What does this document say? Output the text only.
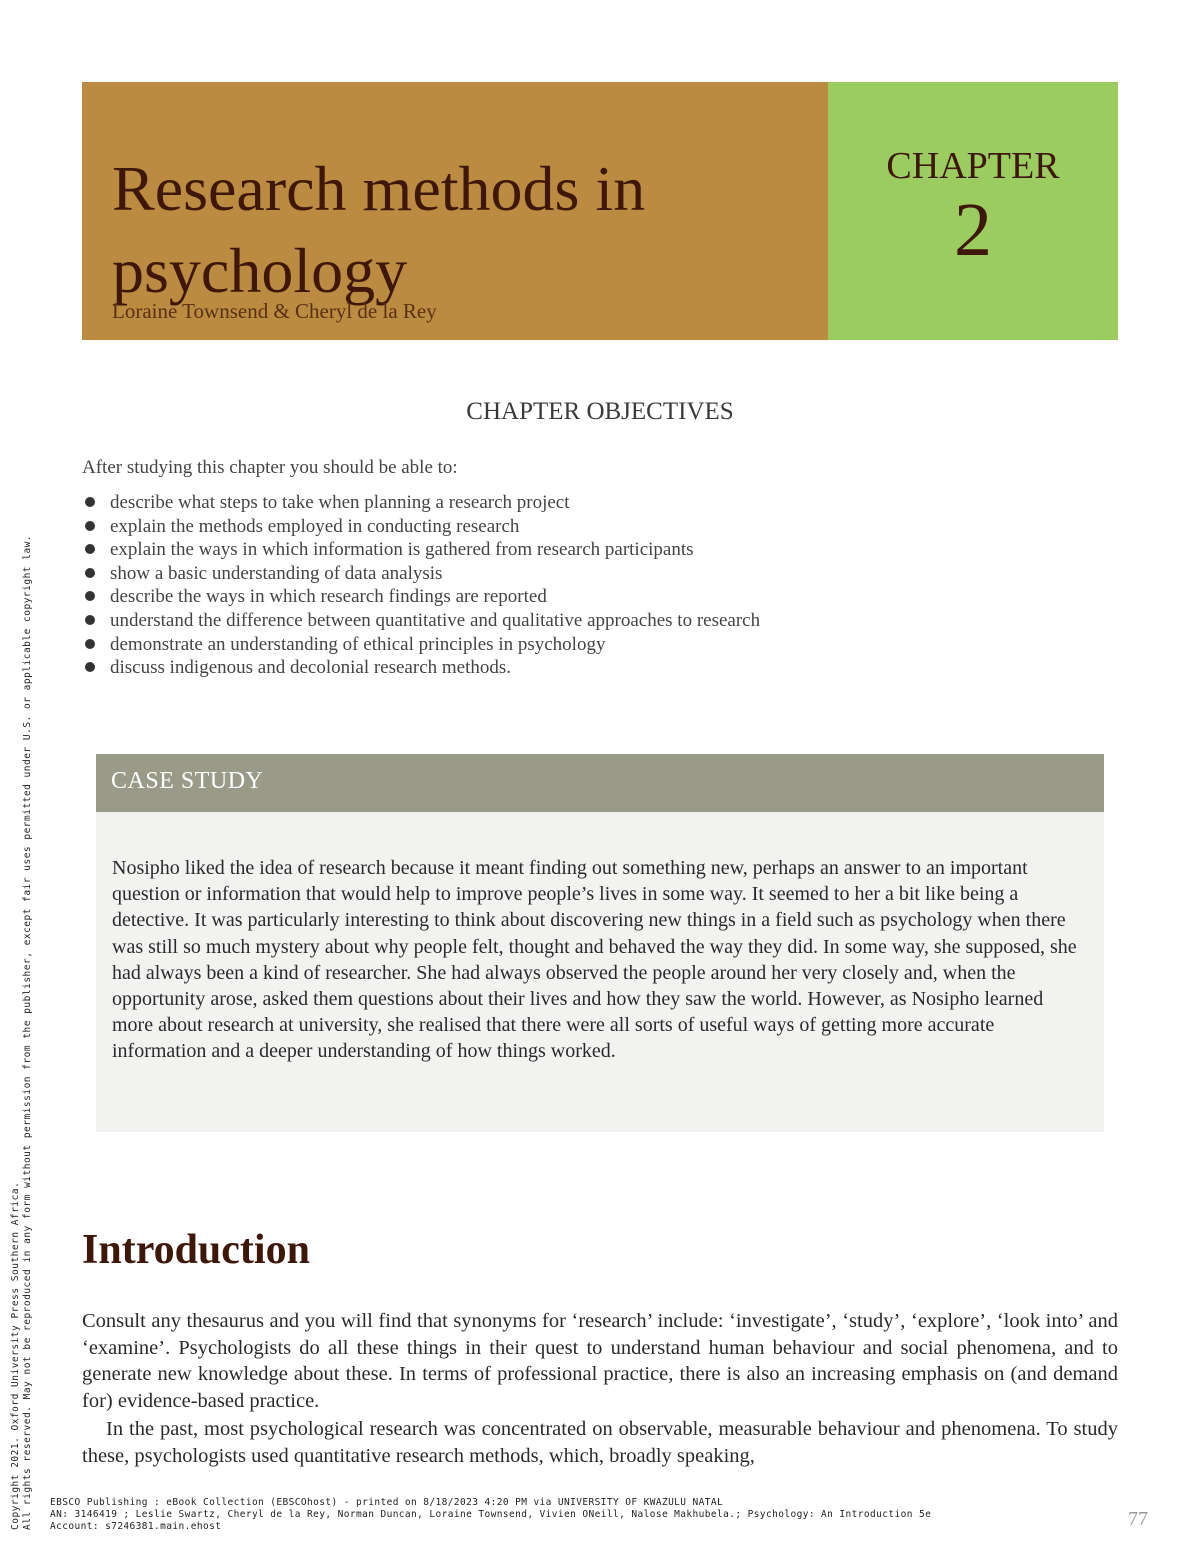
Research methods in
psychology
Loraine Townsend & Cheryl de la Rey
CHAPTER
2
CHAPTER OBJECTIVES
After studying this chapter you should be able to:
describe what steps to take when planning a research project
explain the methods employed in conducting research
explain the ways in which information is gathered from research participants
show a basic understanding of data analysis
describe the ways in which research findings are reported
understand the difference between quantitative and qualitative approaches to research
demonstrate an understanding of ethical principles in psychology
discuss indigenous and decolonial research methods.
CASE STUDY

Nosipho liked the idea of research because it meant finding out something new, perhaps an answer to an important question or information that would help to improve people’s lives in some way. It seemed to her a bit like being a detective. It was particularly interesting to think about discovering new things in a field such as psychology when there was still so much mystery about why people felt, thought and behaved the way they did. In some way, she supposed, she had always been a kind of researcher. She had always observed the people around her very closely and, when the opportunity arose, asked them questions about their lives and how they saw the world. However, as Nosipho learned more about research at university, she realised that there were all sorts of useful ways of getting more accurate information and a deeper understanding of how things worked.

Introduction

Consult any thesaurus and you will find that synonyms for ‘research’ include: ‘investigate’, ‘study’, ‘explore’, ‘look into’ and ‘examine’. Psychologists do all these things in their quest to understand human behaviour and social phenomena, and to generate new knowledge about these. In terms of professional practice, there is also an increasing emphasis on (and demand for) evidence-based practice.

In the past, most psychological research was concentrated on observable, measurable behaviour and phenomena. To study these, psychologists used quantitative research methods, which, broadly speaking,

Copyright 2021. Oxford University Press Southern Africa. All rights reserved. May not be reproduced in any form without permission from the publisher, except fair uses permitted under U.S. or applicable copyright law. EBSCO Publishing : eBook Collection (EBSCOhost) - printed on 8/18/2023 4:20 PM via UNIVERSITY OF KWAZULU NATAL
AN: 3146419 ; Leslie Swartz, Cheryl de la Rey, Norman Duncan, Loraine Townsend, Vivien ONeill, Nalose Makhubela.; Psychology: An Introduction 5e
Account: s7246381.main.ehost	77
